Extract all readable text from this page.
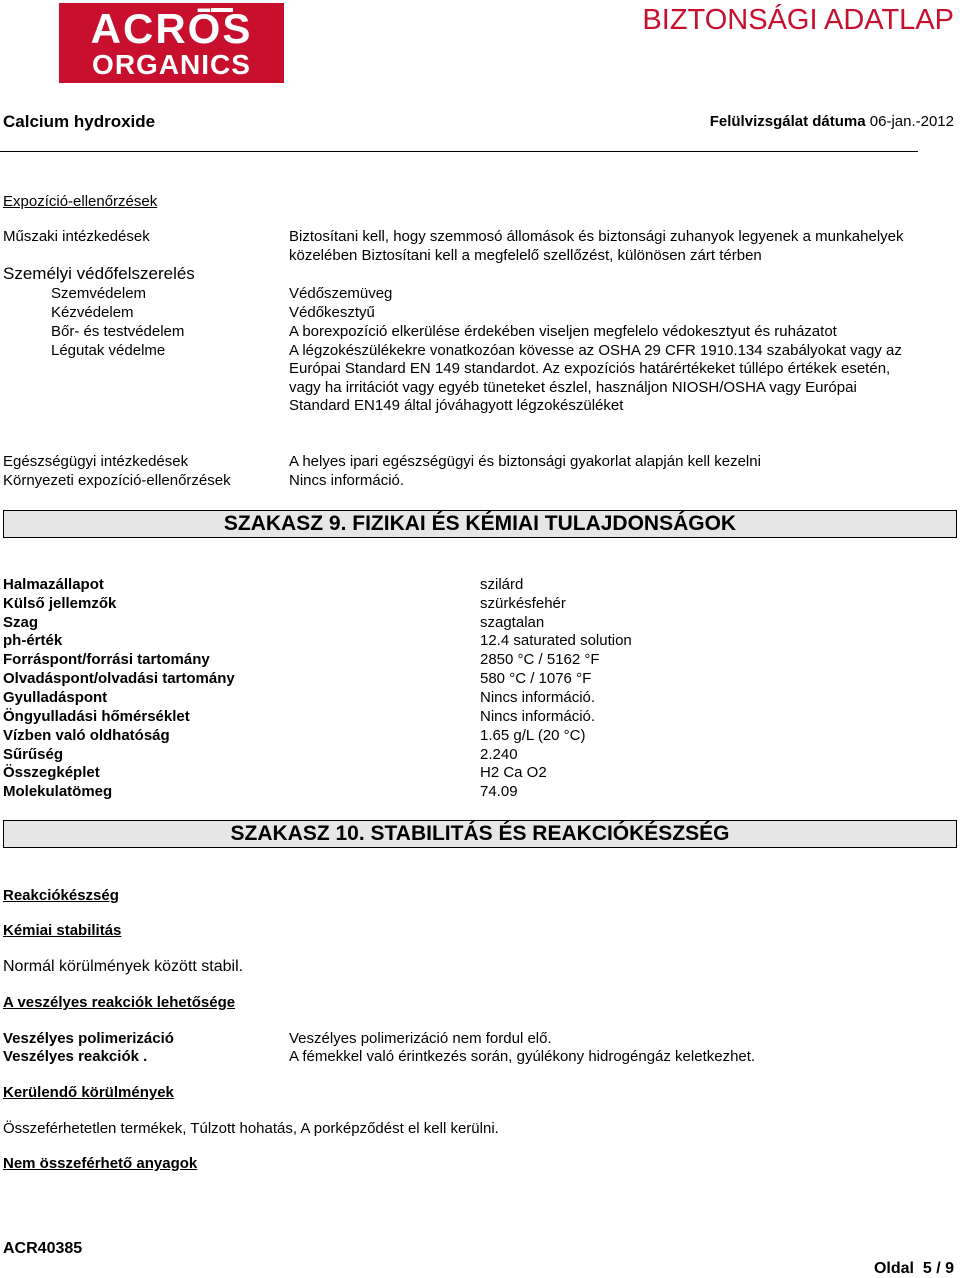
ACRŌS
ORGANICS
BIZTONSÁGI ADATLAP
Calcium hydroxide	Felülvizsgálat dátuma 06-jan.-2012
Expozíció-ellenőrzések
Műszaki intézkedések	Biztosítani kell, hogy szemmosó állomások és biztonsági zuhanyok legyenek a munkahelyek
közelében Biztosítani kell a megfelelő szellőzést, különösen zárt térben
Személyi védőfelszerelés
Szemvédelem	Védőszemüveg
Kézvédelem	Védőkesztyű
Bőr- és testvédelem	A borexpozíció elkerülése érdekében viseljen megfelelo védokesztyut és ruházatot
Légutak védelme	A légzokészülékekre vonatkozóan kövesse az OSHA 29 CFR 1910.134 szabályokat vagy az
Európai Standard EN 149 standardot. Az expozíciós határértékeket túllépo értékek esetén,
vagy ha irritációt vagy egyéb tüneteket észlel, használjon NIOSH/OSHA vagy Európai
Standard EN149 által jóváhagyott légzokészüléket
Egészségügyi intézkedések	A helyes ipari egészségügyi és biztonsági gyakorlat alapján kell kezelni
Környezeti expozíció-ellenőrzések	Nincs információ.
SZAKASZ 9. FIZIKAI ÉS KÉMIAI TULAJDONSÁGOK
Halmazállapot	szilárd
Külső jellemzők	szürkésfehér
Szag	szagtalan
ph-érték	12.4 saturated solution
Forráspont/forrási tartomány	2850 °C / 5162 °F
Olvadáspont/olvadási tartomány	580 °C / 1076 °F
Gyulladáspont	Nincs információ.
Öngyulladási hőmérséklet	Nincs információ.
Vízben való oldhatóság	1.65 g/L (20 °C)
Sűrűség	2.240
Összegképlet	H2 Ca O2
Molekulatömeg	74.09
SZAKASZ 10. STABILITÁS ÉS REAKCIÓKÉSZSÉG
Reakciókészség
Kémiai stabilitás
Normál körülmények között stabil.
A veszélyes reakciók lehetősége
Veszélyes polimerizáció	Veszélyes polimerizáció nem fordul elő.
Veszélyes reakciók .	A fémekkel való érintkezés során, gyúlékony hidrogéngáz keletkezhet.
Kerülendő körülmények
Összeférhetetlen termékek, Túlzott hohatás, A porképződést el kell kerülni.
Nem összeférhető anyagok
ACR40385
Oldal  5 / 9
